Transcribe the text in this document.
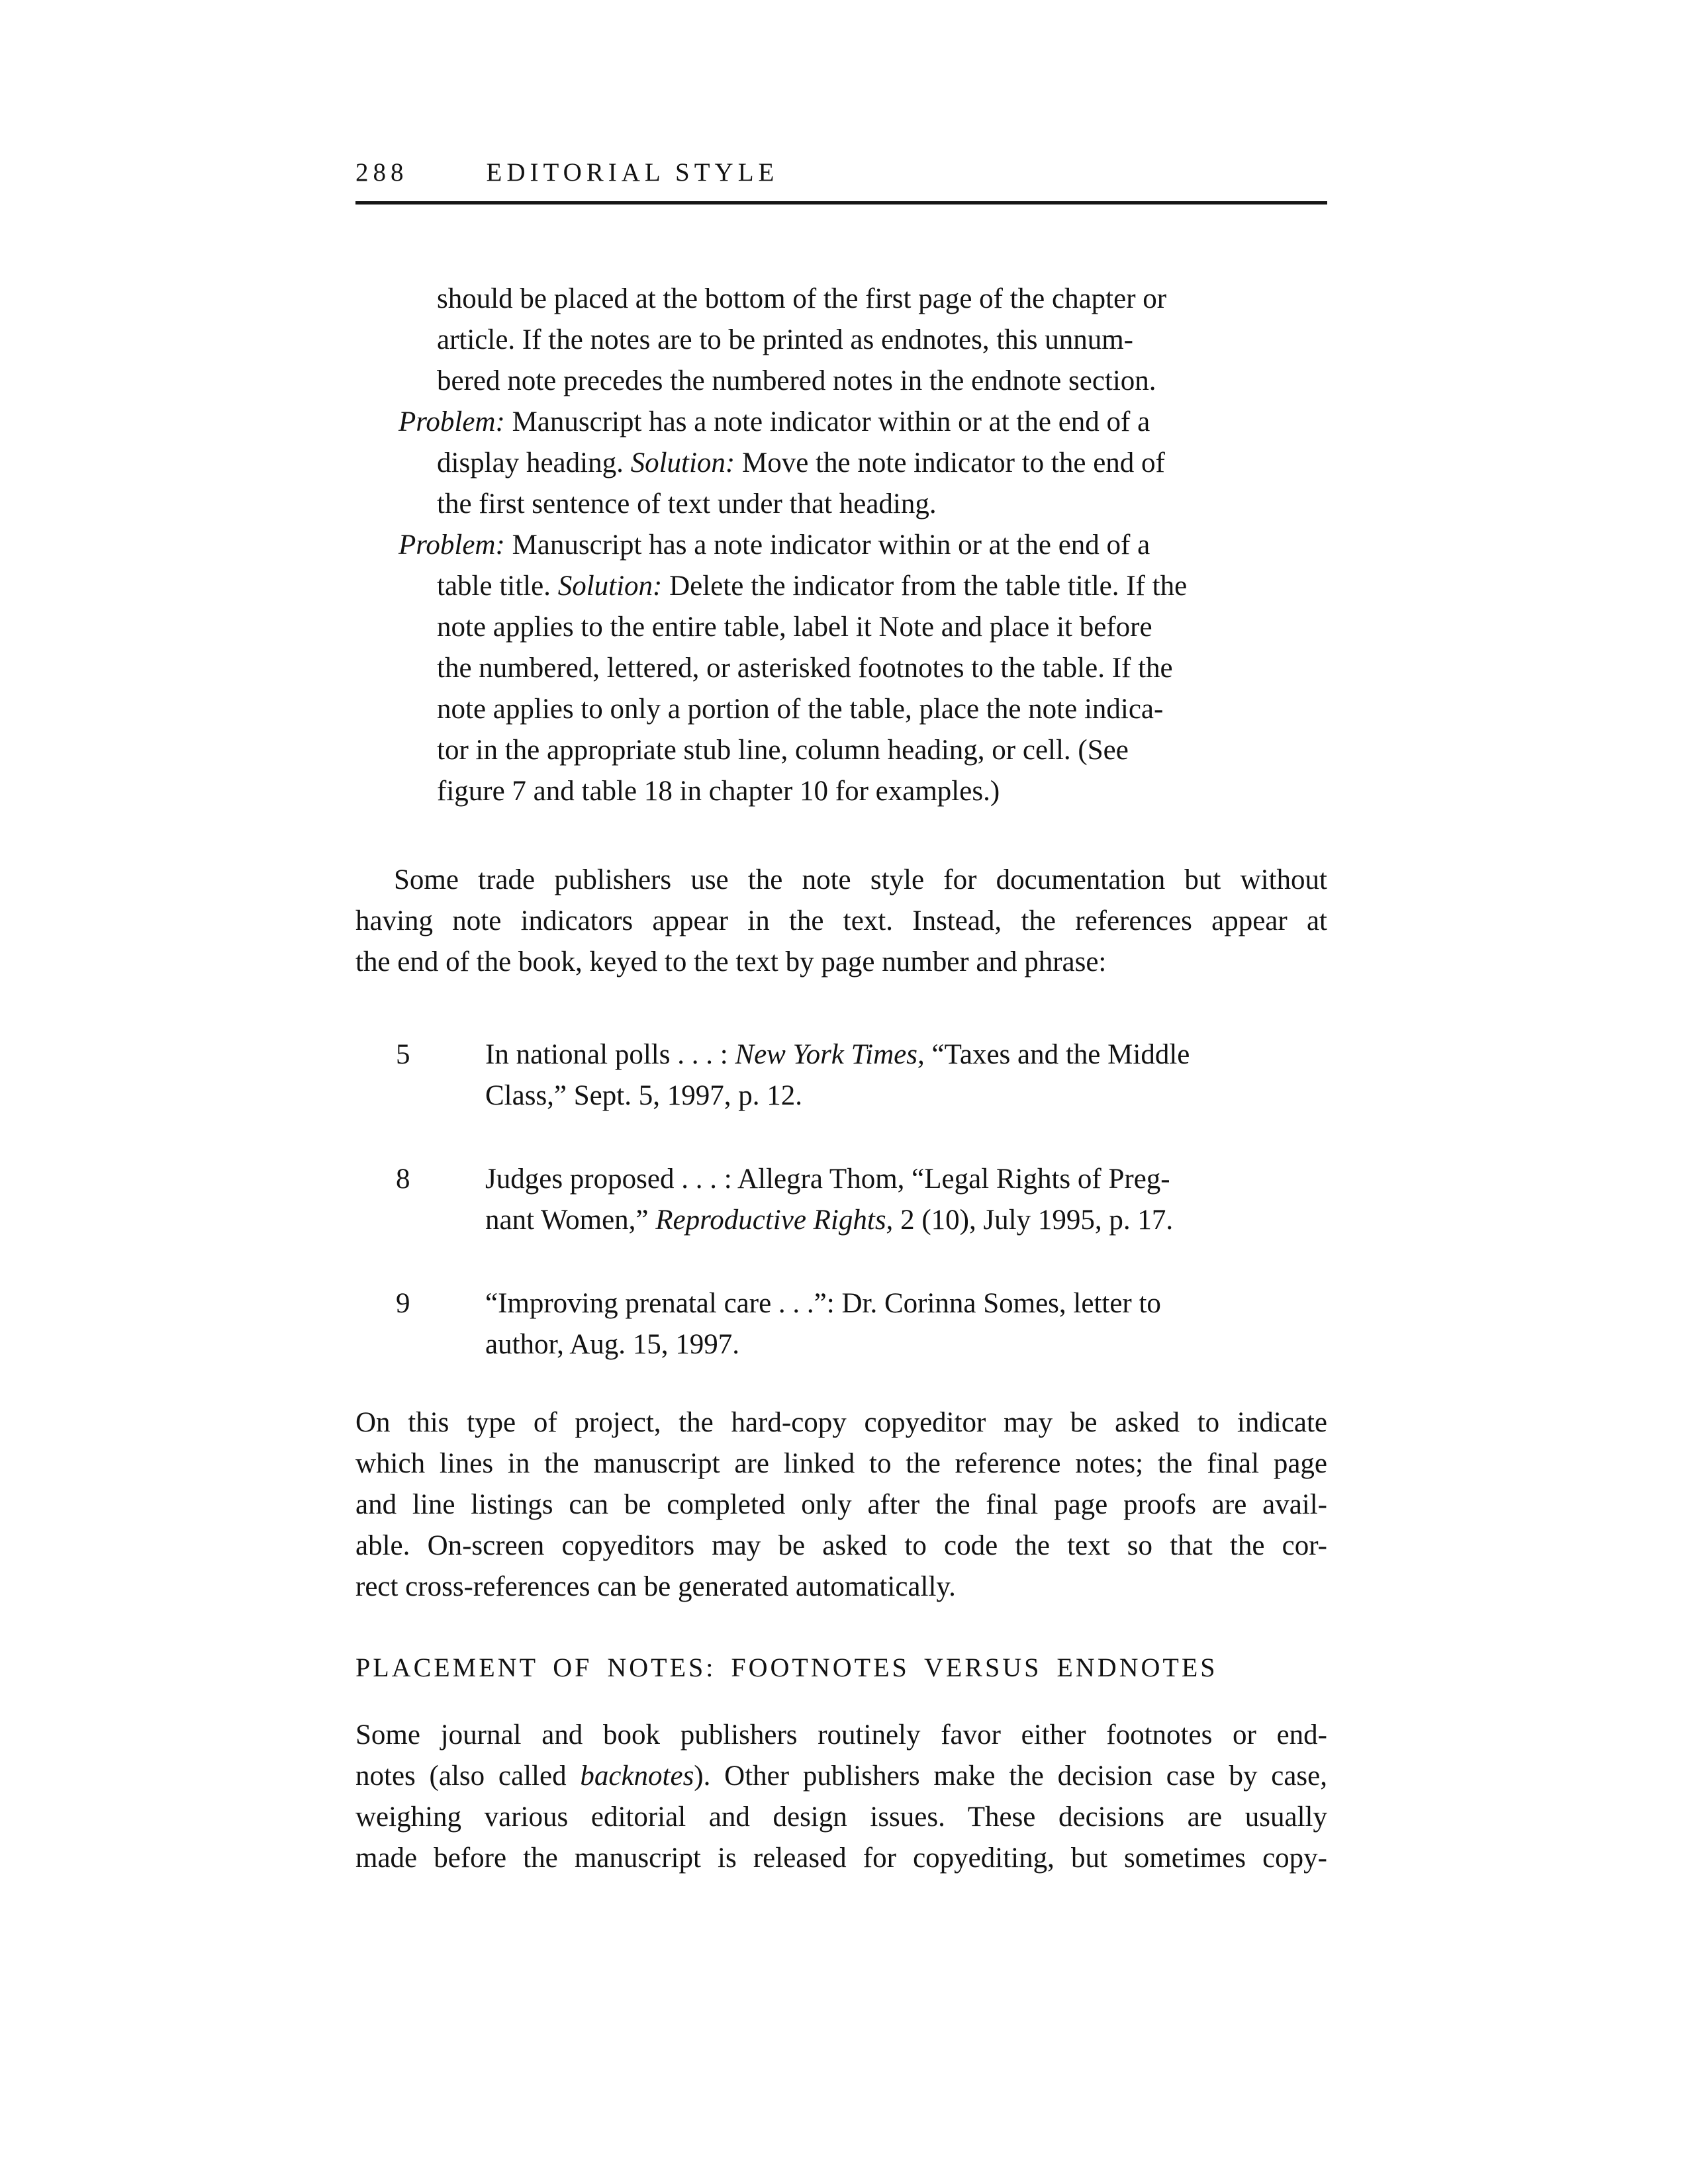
288	EDITORIAL STYLE
should be placed at the bottom of the first page of the chapter or
article. If the notes are to be printed as endnotes, this unnum-
bered note precedes the numbered notes in the endnote section.
Problem: Manuscript has a note indicator within or at the end of a
display heading. Solution: Move the note indicator to the end of
the first sentence of text under that heading.
Problem: Manuscript has a note indicator within or at the end of a
table title. Solution: Delete the indicator from the table title. If the
note applies to the entire table, label it Note and place it before
the numbered, lettered, or asterisked footnotes to the table. If the
note applies to only a portion of the table, place the note indica-
tor in the appropriate stub line, column heading, or cell. (See
figure 7 and table 18 in chapter 10 for examples.)
Some trade publishers use the note style for documentation but without
having note indicators appear in the text. Instead, the references appear at
the end of the book, keyed to the text by page number and phrase:
5	In national polls . . . : New York Times, “Taxes and the Middle
Class,” Sept. 5, 1997, p. 12.
8	Judges proposed . . . : Allegra Thom, “Legal Rights of Preg-
nant Women,” Reproductive Rights, 2 (10), July 1995, p. 17.
9	“Improving prenatal care . . .”: Dr. Corinna Somes, letter to
author, Aug. 15, 1997.
On this type of project, the hard-copy copyeditor may be asked to indicate
which lines in the manuscript are linked to the reference notes; the final page
and line listings can be completed only after the final page proofs are avail-
able. On-screen copyeditors may be asked to code the text so that the cor-
rect cross-references can be generated automatically.
PLACEMENT OF NOTES: FOOTNOTES VERSUS ENDNOTES
Some journal and book publishers routinely favor either footnotes or end-
notes (also called backnotes). Other publishers make the decision case by case,
weighing various editorial and design issues. These decisions are usually
made before the manuscript is released for copyediting, but sometimes copy-
